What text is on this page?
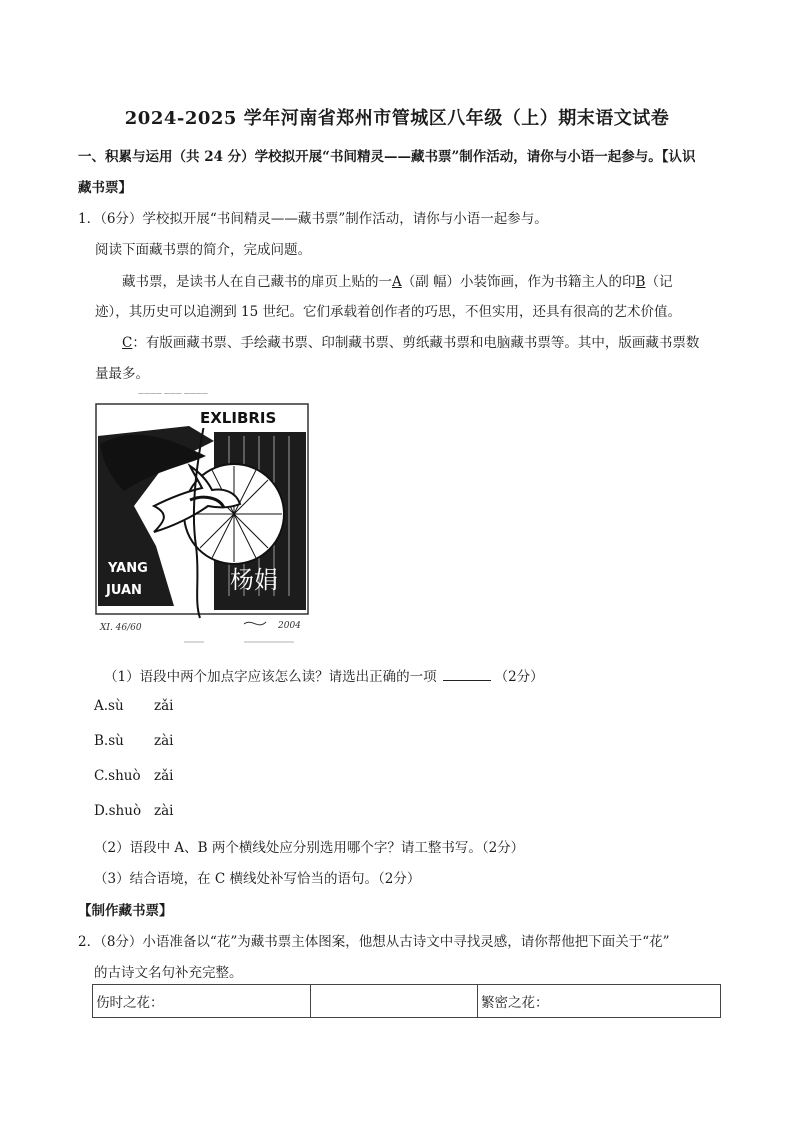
2024-2025 学年河南省郑州市管城区八年级（上）期末语文试卷
一、积累与运用（共 24 分）学校拟开展“书间精灵——藏书票”制作活动，请你与小语一起参与。【认识
藏书票】
1．（6分）学校拟开展“书间精灵——藏书票”制作活动，请你与小语一起参与。
阅读下面藏书票的简介，完成问题。
藏书票，是读书人在自己藏书的扉页上贴的一A（副 幅）小装饰画，作为书籍主人的印B（记
迹），其历史可以追溯到 15 世纪。它们承载着创作者的巧思，不但实用，还具有很高的艺术价值。
C：有版画藏书票、手绘藏书票、印制藏书票、剪纸藏书票和电脑藏书票等。其中，版画藏书票数
量最多。
———— ——— ————
EXLIBRIS
YANG
JUAN	杨娟
XI. 46/60	2004
（1）语段中两个加点字应该怎么读？请选出正确的一项	（2分）
A.sù zǎi
B.sù zài
C.shuò zǎi
D.shuò zài
（2）语段中 A、B 两个横线处应分别选用哪个字？请工整书写。（2分）
（3）结合语境，在 C 横线处补写恰当的语句。（2分）
【制作藏书票】
2．（8分）小语准备以“花”为藏书票主体图案，他想从古诗文中寻找灵感，请你帮他把下面关于“花”
的古诗文名句补充完整。
伤时之花：		繁密之花：
